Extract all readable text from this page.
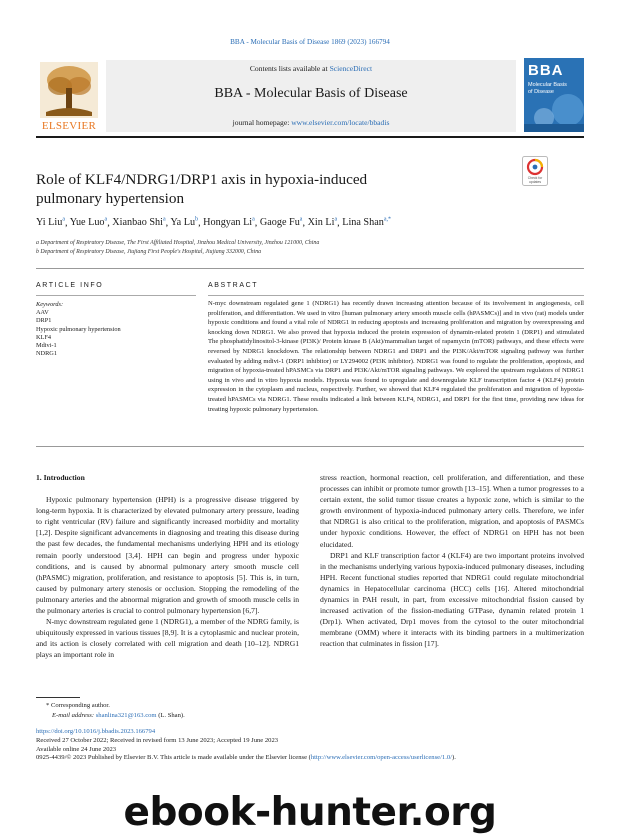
BBA - Molecular Basis of Disease 1869 (2023) 166794
ELSEVIER
Contents lists available at ScienceDirect
BBA - Molecular Basis of Disease
journal homepage: www.elsevier.com/locate/bbadis
BBA
Molecular Basis of Disease
Role of KLF4/NDRG1/DRP1 axis in hypoxia-induced
pulmonary hypertension
Check for updates
Yi Liu$^a$, Yue Luo$^a$, Xianbao Shi$^a$, Ya Lu$^b$, Hongyan Li$^a$, Gaoge Fu$^a$, Xin Li$^a$, Lina Shan$^{a,*}$
a Department of Respiratory Disease, The First Affiliated Hospital, Jinzhou Medical University, Jinzhou 121000, China
b Department of Respiratory Disease, Jiujiang First People's Hospital, Jiujiang 332000, China
ARTICLE INFO	ABSTRACT
Keywords:
AAV
DRP1
Hypoxic pulmonary hypertension
KLF4
Mdivi-1
NDRG1
N-myc downstream regulated gene 1 (NDRG1) has recently drawn increasing attention because of its involvement in angiogenesis, cell proliferation, and differentiation. We used in vitro [human pulmonary artery smooth muscle cells (hPASMCs)] and in vivo (rat) models under hypoxic conditions and found a vital role of NDRG1 in reducing apoptosis and increasing proliferation and migration by overexpressing and knocking down NDRG1. We also proved that hypoxia induced the protein expression of dynamin-related protein 1 (DRP1) and stimulated The phosphatidylinositol-3-kinase (PI3K)/ Protein kinase B (Akt)/mammalian target of rapamycin (mTOR) pathways, and these effects were reversed by NDRG1 knockdown. The relationship between NDRG1 and DRP1 and the PI3K/Akt/mTOR signaling pathway was further evaluated by adding mdivi-1 (DRP1 inhibitor) or LY294002 (PI3K inhibitor). NDRG1 was found to regulate the proliferation, apoptosis, and migration of hypoxia-treated hPASMCs via DRP1 and PI3K/Akt/mTOR signaling pathways. We explored the upstream regulators of NDRG1 using in vivo and in vitro hypoxia models. Hypoxia was found to upregulate and downregulate KLF transcription factor 4 (KLF4) protein expression in the cytoplasm and nucleus, respectively. Further, we showed that KLF4 regulated the proliferation and migration of hypoxia-treated hPASMCs via NDRG1. These results indicated a link between KLF4, NDRG1, and DRP1 for the first time, providing new ideas for treating hypoxic pulmonary hypertension.

1. Introduction

Hypoxic pulmonary hypertension (HPH) is a progressive disease triggered by long-term hypoxia. It is characterized by elevated pulmonary artery pressure, leading to right ventricular (RV) failure and significantly increased morbidity and mortality [1,2]. Despite significant advancements in diagnosing and treating this disease during the past few decades, the fundamental mechanisms underlying HPH and its etiology remain poorly understood [3,4]. HPH can begin and progress under hypoxic conditions, and is caused by abnormal pulmonary artery smooth muscle cell (hPASMC) migration, proliferation, and resistance to apoptosis [5]. This is, in turn, caused by pulmonary artery stenosis or occlusion. Stopping the remodeling of the pulmonary arteries and the abnormal migration and growth of smooth muscle cells in the pulmonary arteries is crucial to control pulmonary hypertension [6,7].

N-myc downstream regulated gene 1 (NDRG1), a member of the NDRG family, is ubiquitously expressed in various tissues [8,9]. It is a cytoplasmic and nuclear protein, and its action is closely correlated with cell migration and death [10–12]. NDRG1 plays an important role in

stress reaction, hormonal reaction, cell proliferation, and differentiation, and these processes can inhibit or promote tumor growth [13–15]. When a tumor progresses to a certain extent, the solid tumor tissue creates a hypoxic zone, which is similar to the growth environment of hypoxia-induced pulmonary artery cells. Therefore, we infer that NDRG1 is also critical to the proliferation, migration, and apoptosis of PASMCs under hypoxic conditions. However, the effect of NDRG1 on HPH has not been elucidated.

DRP1 and KLF transcription factor 4 (KLF4) are two important proteins involved in the mechanisms underlying various hypoxia-induced pulmonary diseases, including HPH. Recent functional studies reported that NDRG1 could regulate mitochondrial dynamics in Hepatocellular carcinoma (HCC) cells [16]. Altered mitochondrial dynamics in PAH result, in part, from excessive mitochondrial fission caused by increased activation of the fission-mediating GTPase, dynamin related protein 1 (Drp1). When activated, Drp1 moves from the cytosol to the outer mitochondrial membrane (OMM) where it interacts with its binding partners in a multimerization reaction that culminates in fission [17].

* Corresponding author.
E-mail address: shanlina321@163.com (L. Shan).
https://doi.org/10.1016/j.bbadis.2023.166794
Received 27 October 2022; Received in revised form 13 June 2023; Accepted 19 June 2023
Available online 24 June 2023
0925-4439/© 2023 Published by Elsevier B.V. This article is made available under the Elsevier license (http://www.elsevier.com/open-access/userlicense/1.0/).
ebook-hunter.org
